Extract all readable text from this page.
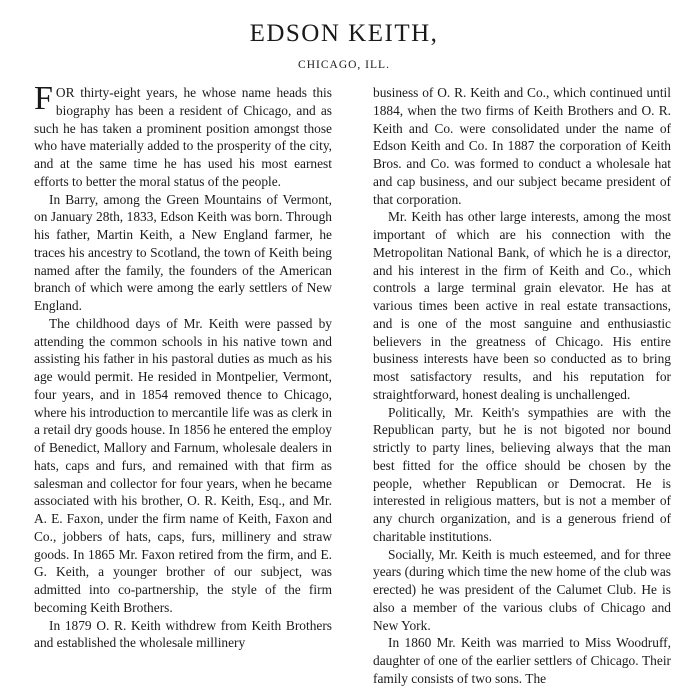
EDSON KEITH,
CHICAGO, ILL.

FOR thirty-eight years, he whose name heads this biography has been a resident of Chicago, and as such he has taken a prominent position amongst those who have materially added to the prosperity of the city, and at the same time he has used his most earnest efforts to better the moral status of the people.

In Barry, among the Green Mountains of Vermont, on January 28th, 1833, Edson Keith was born. Through his father, Martin Keith, a New England farmer, he traces his ancestry to Scotland, the town of Keith being named after the family, the founders of the American branch of which were among the early settlers of New England.

The childhood days of Mr. Keith were passed by attending the common schools in his native town and assisting his father in his pastoral duties as much as his age would permit. He resided in Montpelier, Vermont, four years, and in 1854 removed thence to Chicago, where his introduction to mercantile life was as clerk in a retail dry goods house. In 1856 he entered the employ of Benedict, Mallory and Farnum, wholesale dealers in hats, caps and furs, and remained with that firm as salesman and collector for four years, when he became associated with his brother, O. R. Keith, Esq., and Mr. A. E. Faxon, under the firm name of Keith, Faxon and Co., jobbers of hats, caps, furs, millinery and straw goods. In 1865 Mr. Faxon retired from the firm, and E. G. Keith, a younger brother of our subject, was admitted into co-partnership, the style of the firm becoming Keith Brothers.

In 1879 O. R. Keith withdrew from Keith Brothers and established the wholesale millinery

business of O. R. Keith and Co., which continued until 1884, when the two firms of Keith Brothers and O. R. Keith and Co. were consolidated under the name of Edson Keith and Co. In 1887 the corporation of Keith Bros. and Co. was formed to conduct a wholesale hat and cap business, and our subject became president of that corporation.

Mr. Keith has other large interests, among the most important of which are his connection with the Metropolitan National Bank, of which he is a director, and his interest in the firm of Keith and Co., which controls a large terminal grain elevator. He has at various times been active in real estate transactions, and is one of the most sanguine and enthusiastic believers in the greatness of Chicago. His entire business interests have been so conducted as to bring most satisfactory results, and his reputation for straightforward, honest dealing is unchallenged.

Politically, Mr. Keith's sympathies are with the Republican party, but he is not bigoted nor bound strictly to party lines, believing always that the man best fitted for the office should be chosen by the people, whether Republican or Democrat. He is interested in religious matters, but is not a member of any church organization, and is a generous friend of charitable institutions.

Socially, Mr. Keith is much esteemed, and for three years (during which time the new home of the club was erected) he was president of the Calumet Club. He is also a member of the various clubs of Chicago and New York.

In 1860 Mr. Keith was married to Miss Woodruff, daughter of one of the earlier settlers of Chicago. Their family consists of two sons. The
